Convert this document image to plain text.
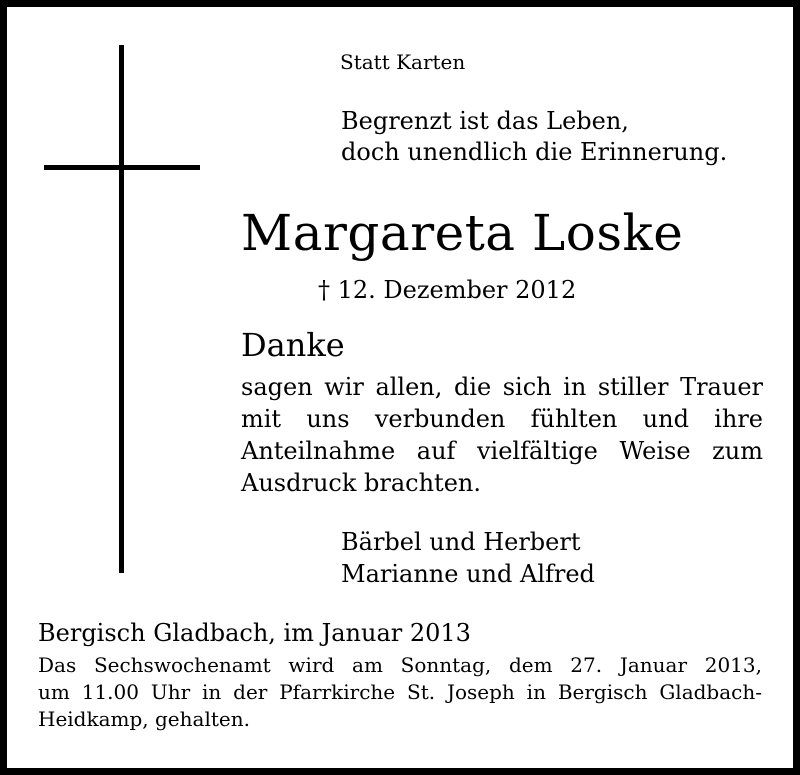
Statt Karten
Begrenzt ist das Leben,
doch unendlich die Erinnerung.
Margareta Loske
† 12. Dezember 2012
Danke
sagen wir allen, die sich in stiller Trauer
mit uns verbunden fühlten und ihre
Anteilnahme auf vielfältige Weise zum
Ausdruck brachten.
Bärbel und Herbert
Marianne und Alfred
Bergisch Gladbach, im Januar 2013
Das Sechswochenamt wird am Sonntag, dem 27. Januar 2013,
um 11.00 Uhr in der Pfarrkirche St. Joseph in Bergisch Gladbach-
Heidkamp, gehalten.
